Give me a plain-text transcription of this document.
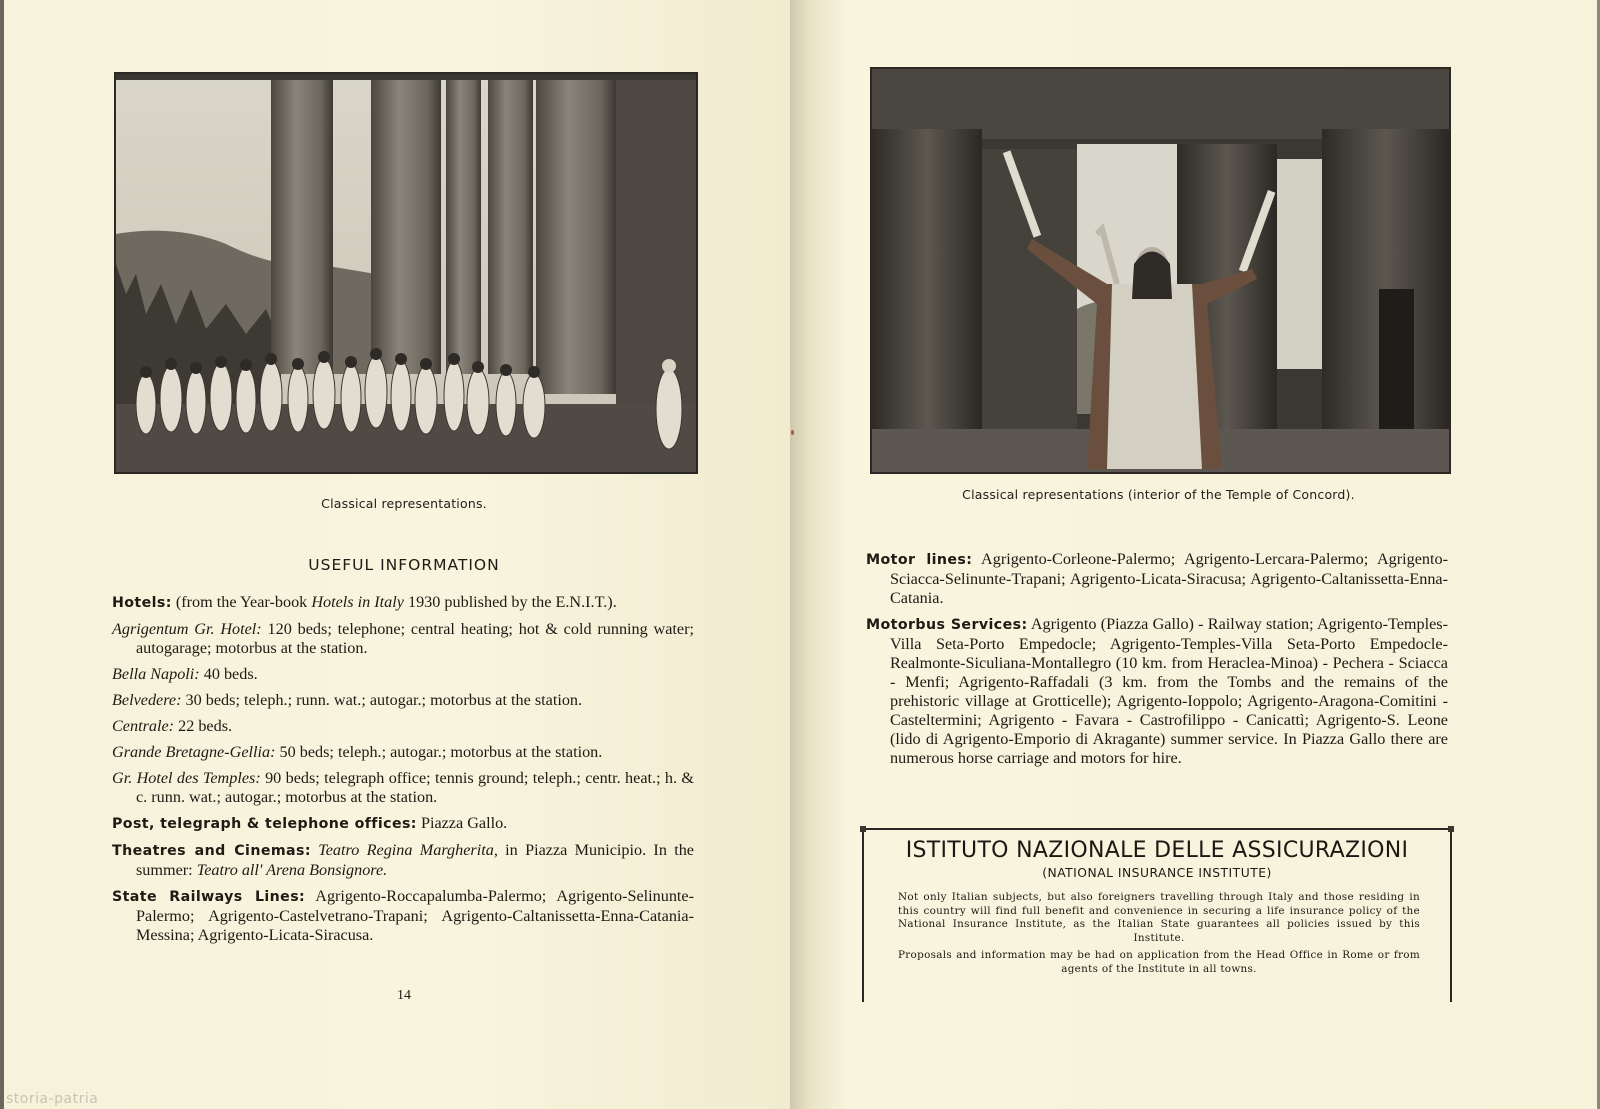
Classical representations.
USEFUL INFORMATION

Hotels: (from the Year-book Hotels in Italy 1930 published by the E.N.I.T.).

Agrigentum Gr. Hotel: 120 beds; telephone; central heating; hot & cold running water; autogarage; motorbus at the station.

Bella Napoli: 40 beds.

Belvedere: 30 beds; teleph.; runn. wat.; autogar.; motorbus at the station.

Centrale: 22 beds.

Grande Bretagne-Gellia: 50 beds; teleph.; autogar.; motorbus at the station.

Gr. Hotel des Temples: 90 beds; telegraph office; tennis ground; teleph.; centr. heat.; h. & c. runn. wat.; autogar.; motorbus at the station.

Post, telegraph & telephone offices: Piazza Gallo.

Theatres and Cinemas: Teatro Regina Margherita, in Piazza Municipio. In the summer: Teatro all' Arena Bonsignore.

State Railways Lines: Agrigento-Roccapalumba-Palermo; Agrigento-Selinunte-Palermo; Agrigento-Castelvetrano-Trapani; Agrigento-Caltanissetta-Enna-Catania-Messina; Agrigento-Licata-Siracusa.

14
storia-patria
Classical representations (interior of the Temple of Concord).

Motor lines: Agrigento-Corleone-Palermo; Agrigento-Lercara-Palermo; Agrigento-Sciacca-Selinunte-Trapani; Agrigento-Licata-Siracusa; Agrigento-Caltanissetta-Enna-Catania.

Motorbus Services: Agrigento (Piazza Gallo) - Railway station; Agrigento-Temples-Villa Seta-Porto Empedocle; Agrigento-Temples-Villa Seta-Porto Empedocle-Realmonte-Siculiana-Montallegro (10 km. from Heraclea-Minoa) - Pechera - Sciacca - Menfi; Agrigento-Raffadali (3 km. from the Tombs and the remains of the prehistoric village at Grotticelle); Agrigento-Ioppolo; Agrigento-Aragona-Comitini - Casteltermini; Agrigento - Favara - Castrofilippo - Canicattì; Agrigento-S. Leone (lido di Agrigento-Emporio di Akragante) summer service. In Piazza Gallo there are numerous horse carriage and motors for hire.

ISTITUTO NAZIONALE DELLE ASSICURAZIONI
(NATIONAL INSURANCE INSTITUTE)

Not only Italian subjects, but also foreigners travelling through Italy and those residing in this country will find full benefit and convenience in securing a life insurance policy of the National Insurance Institute, as the Italian State guarantees all policies issued by this Institute.

Proposals and information may be had on application from the Head Office in Rome or from agents of the Institute in all towns.
